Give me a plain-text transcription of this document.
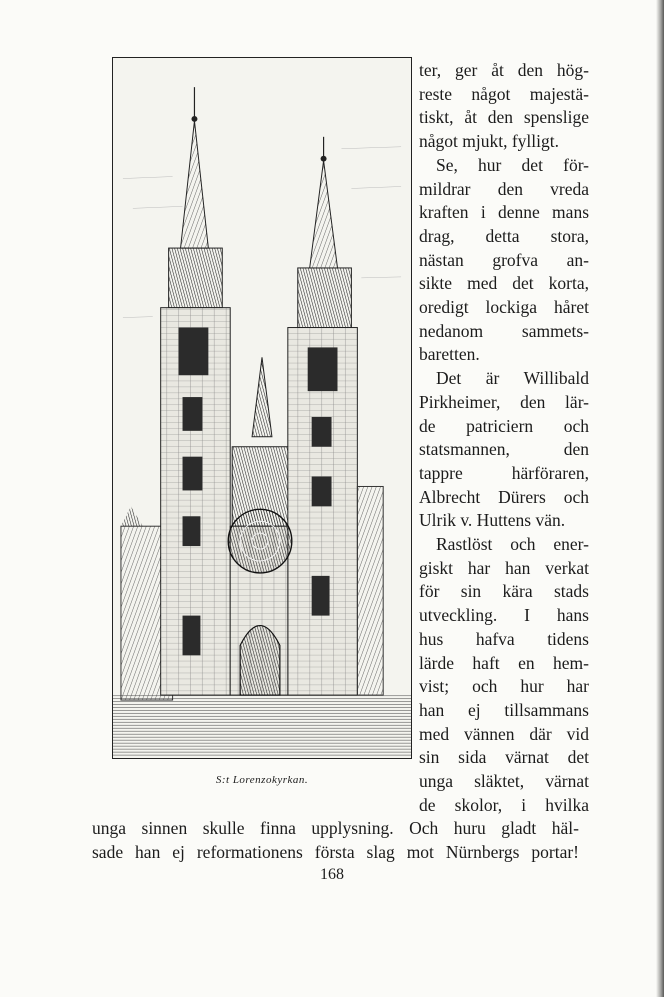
S:t Lorenzokyrkan.
ter, ger åt den hög-
reste något majestä-
tiskt, åt den spenslige
något mjukt, fylligt.
Se, hur det för-
mildrar den vreda
kraften i denne mans
drag, detta stora,
nästan grofva an-
sikte med det korta,
oredigt lockiga håret
nedanom sammets-
baretten.
Det är Willibald
Pirkheimer, den lär-
de patriciern och
statsmannen, den
tappre härföraren,
Albrecht Dürers och
Ulrik v. Huttens vän.
Rastlöst och ener-
giskt har han verkat
för sin kära stads
utveckling. I hans
hus hafva tidens
lärde haft en hem-
vist; och hur har
han ej tillsammans
med vännen där vid
sin sida värnat det
unga släktet, värnat
de skolor, i hvilka
unga sinnen skulle finna upplysning. Och huru gladt häl-
sade han ej reformationens första slag mot Nürnbergs portar!
168
